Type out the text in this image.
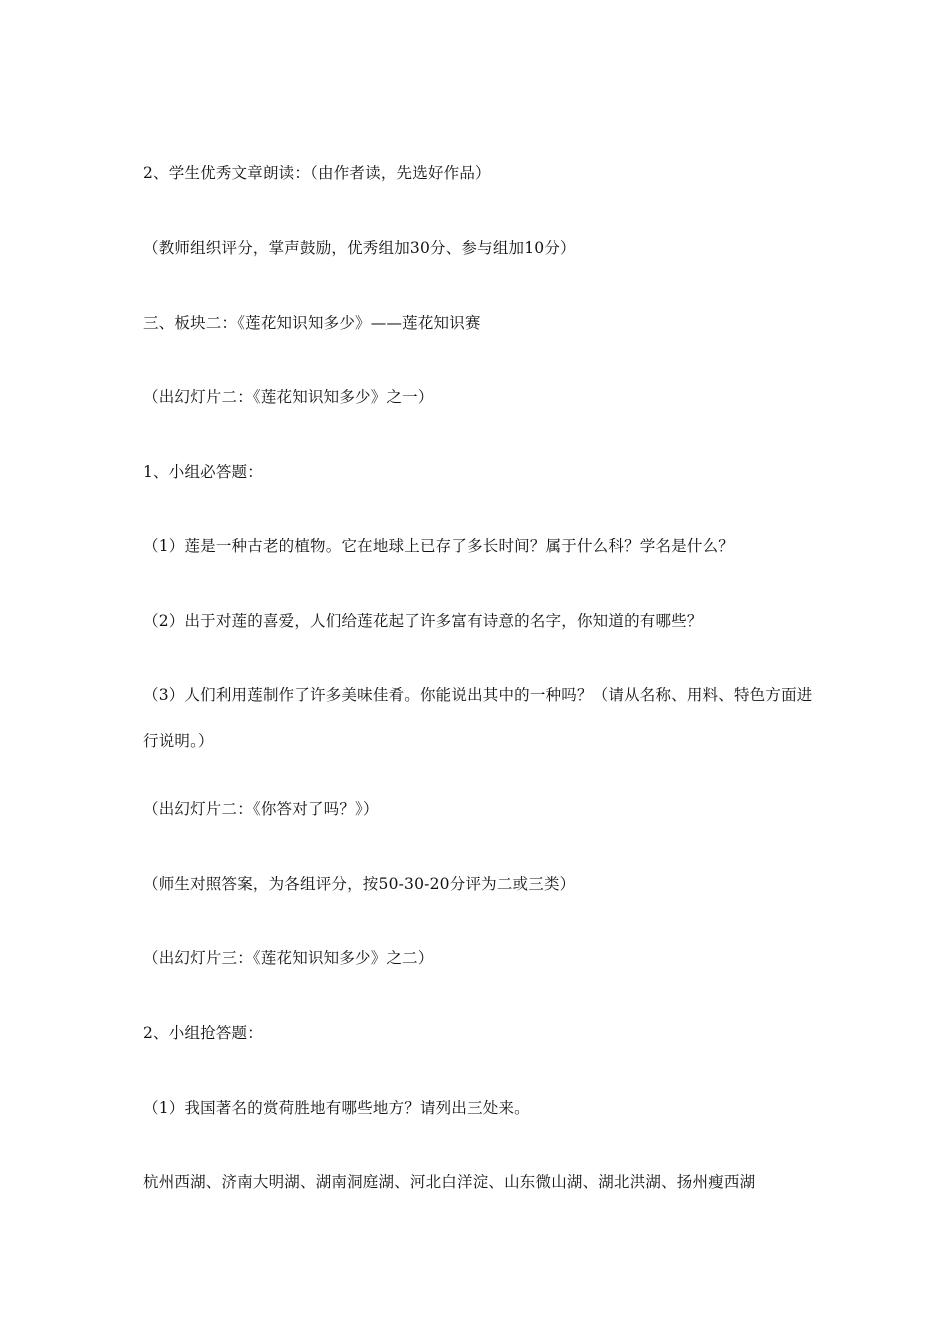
2、学生优秀文章朗读：（由作者读，先选好作品）
（教师组织评分，掌声鼓励，优秀组加30分、参与组加10分）
三、板块二：《莲花知识知多少》——莲花知识赛
（出幻灯片二：《莲花知识知多少》之一）
1、小组必答题：
（1）莲是一种古老的植物。它在地球上已存了多长时间？属于什么科？学名是什么？
（2）出于对莲的喜爱，人们给莲花起了许多富有诗意的名字，你知道的有哪些？
（3）人们利用莲制作了许多美味佳肴。你能说出其中的一种吗？（请从名称、用料、特色方面进行说明。）
（出幻灯片二：《你答对了吗？》）
（师生对照答案，为各组评分，按50-30-20分评为二或三类）
（出幻灯片三：《莲花知识知多少》之二）
2、小组抢答题：
（1）我国著名的赏荷胜地有哪些地方？请列出三处来。
杭州西湖、济南大明湖、湖南洞庭湖、河北白洋淀、山东微山湖、湖北洪湖、扬州瘦西湖
